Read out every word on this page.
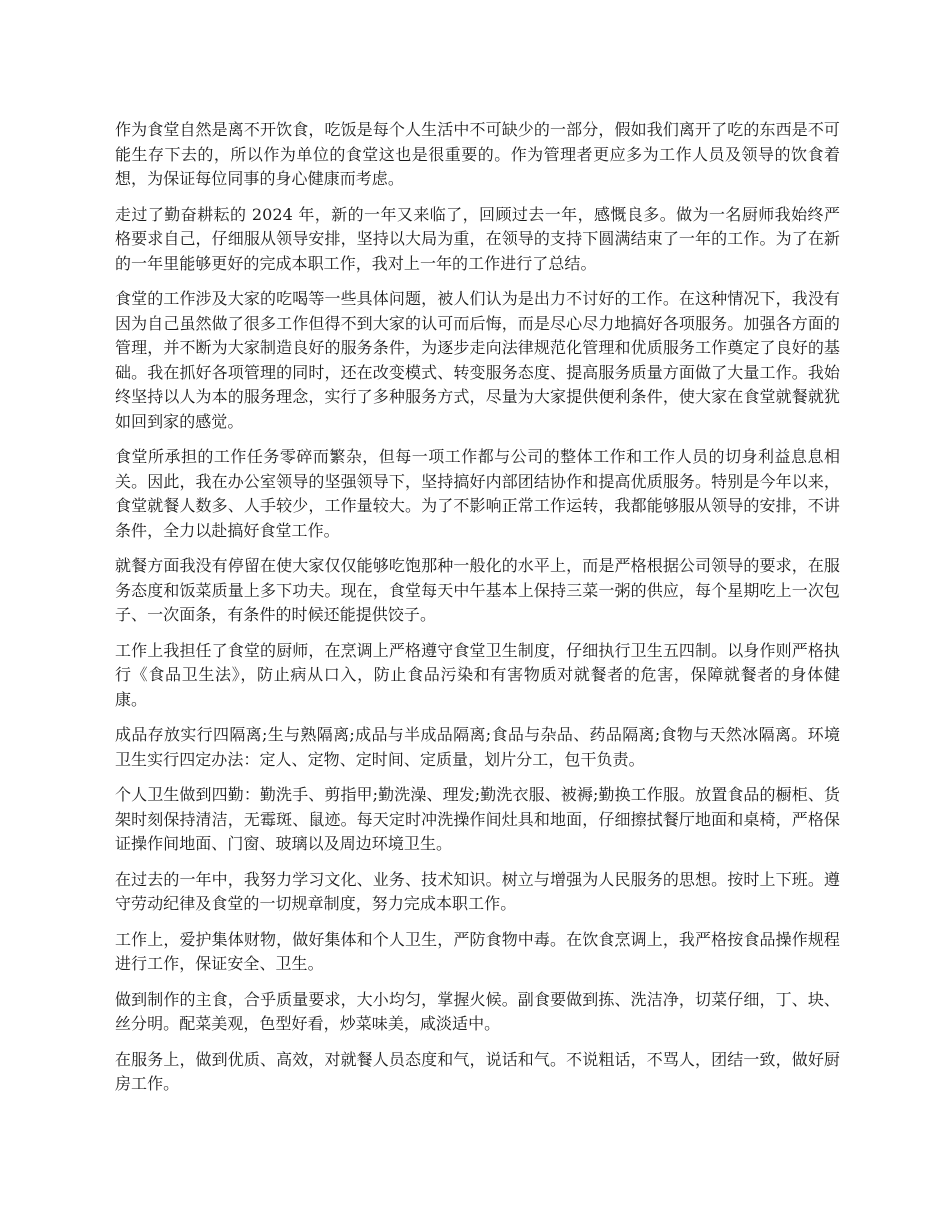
作为食堂自然是离不开饮食，吃饭是每个人生活中不可缺少的一部分，假如我们离开了吃的东西是不可能生存下去的，所以作为单位的食堂这也是很重要的。作为管理者更应多为工作人员及领导的饮食着想，为保证每位同事的身心健康而考虑。

走过了勤奋耕耘的 2024 年，新的一年又来临了，回顾过去一年，感慨良多。做为一名厨师我始终严格要求自己，仔细服从领导安排，坚持以大局为重，在领导的支持下圆满结束了一年的工作。为了在新的一年里能够更好的完成本职工作，我对上一年的工作进行了总结。

食堂的工作涉及大家的吃喝等一些具体问题，被人们认为是出力不讨好的工作。在这种情况下，我没有因为自己虽然做了很多工作但得不到大家的认可而后悔，而是尽心尽力地搞好各项服务。加强各方面的管理，并不断为大家制造良好的服务条件，为逐步走向法律规范化管理和优质服务工作奠定了良好的基础。我在抓好各项管理的同时，还在改变模式、转变服务态度、提高服务质量方面做了大量工作。我始终坚持以人为本的服务理念，实行了多种服务方式，尽量为大家提供便利条件，使大家在食堂就餐就犹如回到家的感觉。

食堂所承担的工作任务零碎而繁杂，但每一项工作都与公司的整体工作和工作人员的切身利益息息相关。因此，我在办公室领导的坚强领导下，坚持搞好内部团结协作和提高优质服务。特别是今年以来，食堂就餐人数多、人手较少，工作量较大。为了不影响正常工作运转，我都能够服从领导的安排，不讲条件，全力以赴搞好食堂工作。

就餐方面我没有停留在使大家仅仅能够吃饱那种一般化的水平上，而是严格根据公司领导的要求，在服务态度和饭菜质量上多下功夫。现在，食堂每天中午基本上保持三菜一粥的供应，每个星期吃上一次包子、一次面条，有条件的时候还能提供饺子。

工作上我担任了食堂的厨师，在烹调上严格遵守食堂卫生制度，仔细执行卫生五四制。以身作则严格执行《食品卫生法》，防止病从口入，防止食品污染和有害物质对就餐者的危害，保障就餐者的身体健康。

成品存放实行四隔离;生与熟隔离;成品与半成品隔离;食品与杂品、药品隔离;食物与天然冰隔离。环境卫生实行四定办法：定人、定物、定时间、定质量，划片分工，包干负责。

个人卫生做到四勤：勤洗手、剪指甲;勤洗澡、理发;勤洗衣服、被褥;勤换工作服。放置食品的橱柜、货架时刻保持清洁，无霉斑、鼠迹。每天定时冲洗操作间灶具和地面，仔细擦拭餐厅地面和桌椅，严格保证操作间地面、门窗、玻璃以及周边环境卫生。

在过去的一年中，我努力学习文化、业务、技术知识。树立与增强为人民服务的思想。按时上下班。遵守劳动纪律及食堂的一切规章制度，努力完成本职工作。

工作上，爱护集体财物，做好集体和个人卫生，严防食物中毒。在饮食烹调上，我严格按食品操作规程进行工作，保证安全、卫生。

做到制作的主食，合乎质量要求，大小均匀，掌握火候。副食要做到拣、洗洁净，切菜仔细，丁、块、丝分明。配菜美观，色型好看，炒菜味美，咸淡适中。

在服务上，做到优质、高效，对就餐人员态度和气，说话和气。不说粗话，不骂人，团结一致，做好厨房工作。
